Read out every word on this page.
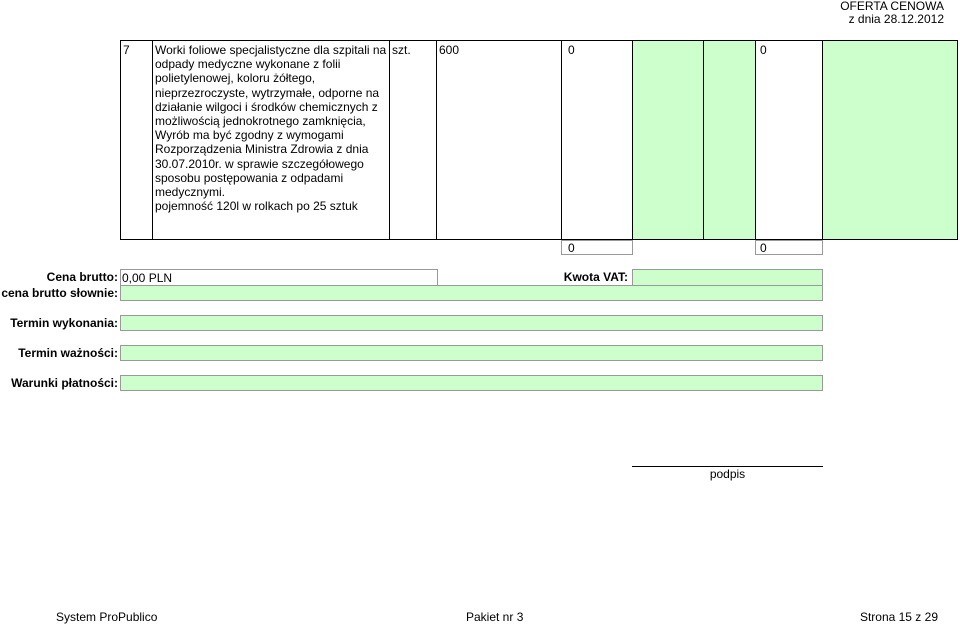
OFERTA CENOWA
z dnia 28.12.2012
7 Worki foliowe specjalistyczne dla szpitali na
odpady medyczne wykonane z folii
polietylenowej, koloru żółtego,
nieprzezroczyste, wytrzymałe, odporne na
działanie wilgoci i środków chemicznych z
możliwością jednokrotnego zamknięcia,
Wyrób ma być zgodny z wymogami
Rozporządzenia Ministra Zdrowia z dnia
30.07.2010r. w sprawie szczegółowego
sposobu postępowania z odpadami
medycznymi.
pojemność 120l w rolkach po 25 sztuk
szt. 600	0	0
0	0
Cena brutto: 0,00 PLN	Kwota VAT:
cena brutto słownie:
Termin wykonania:
Termin ważności:
Warunki płatności:
podpis
System ProPublico	Pakiet nr 3	Strona 15 z 29
